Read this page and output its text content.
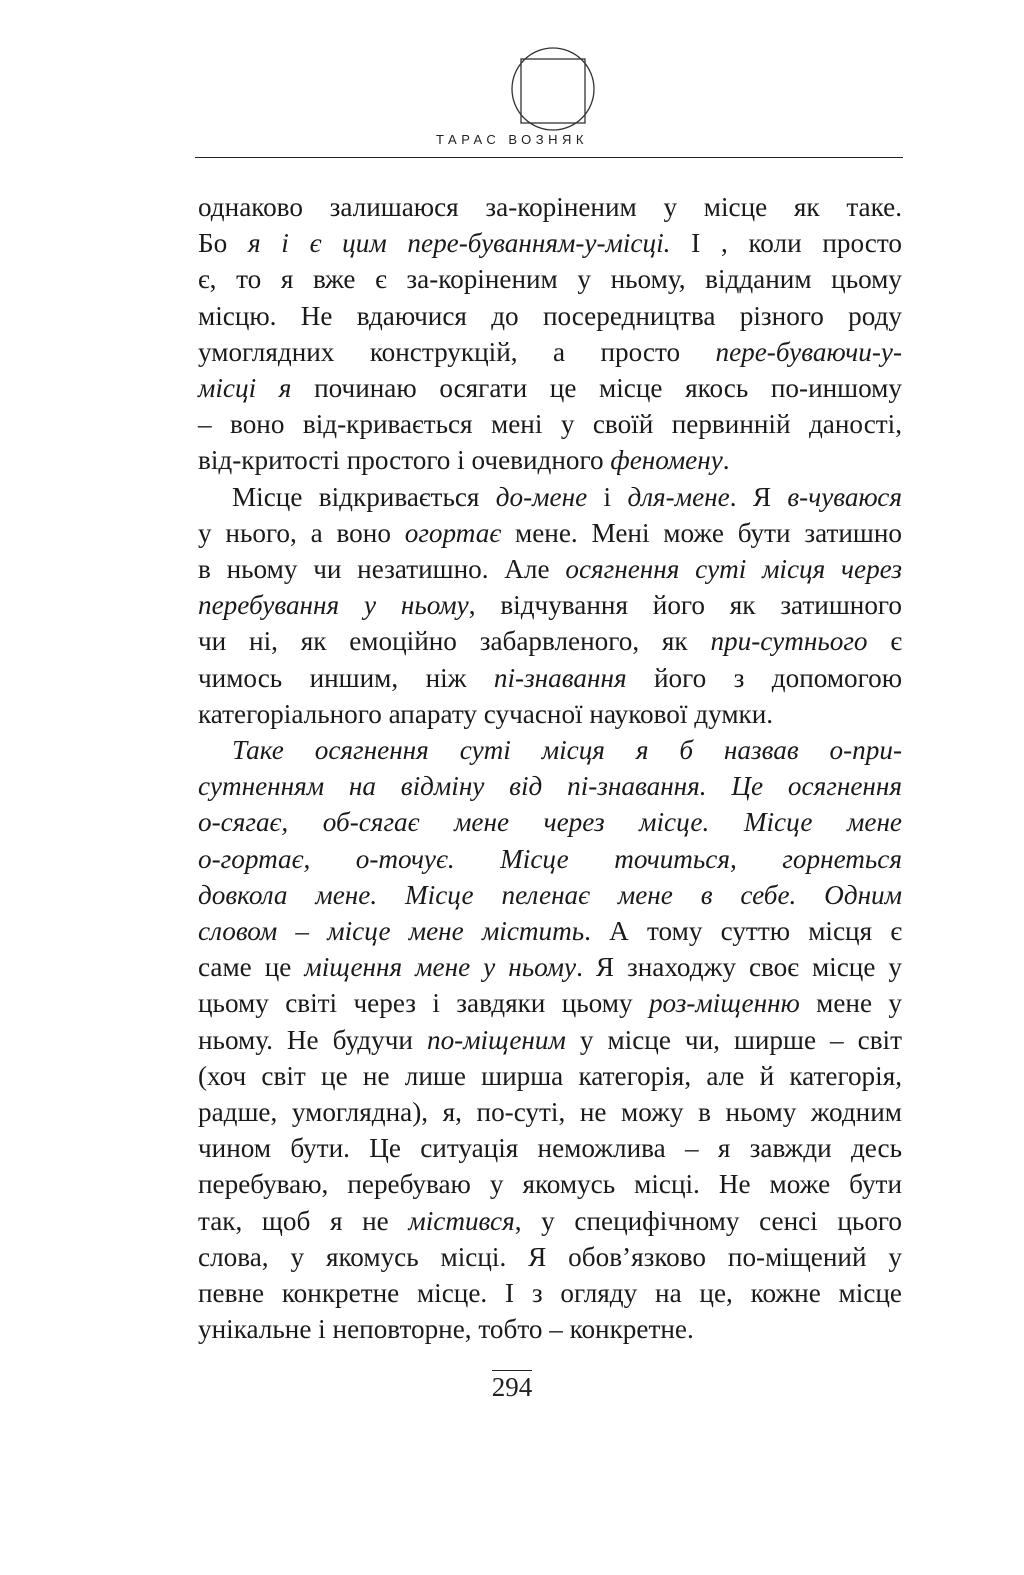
ТАРАС ВОЗНЯК
однаково залишаюся за-коріненим у місце як таке.
Бо я і є цим пере-буванням-у-місці. І , коли просто
є, то я вже є за-коріненим у ньому, відданим цьому
місцю. Не вдаючися до посередництва різного роду
умоглядних конструкцій, а просто пере-буваючи-у-
місці я починаю осягати це місце якось по-иншому
– воно від-кривається мені у своїй первинній даності,
від-критості простого і очевидного феномену.
Місце відкривається до-мене і для-мене. Я в-чуваюся
у нього, а воно огортає мене. Мені може бути затишно
в ньому чи незатишно. Але осягнення суті місця через
перебування у ньому, відчування його як затишного
чи ні, як емоційно забарвленого, як при-сутнього є
чимось иншим, ніж пі-знавання його з допомогою
категоріального апарату сучасної наукової думки.
Таке осягнення суті місця я б назвав о-при-
сутненням на відміну від пі-знавання. Це осягнення
о-сягає, об-сягає мене через місце. Місце мене
о-гортає, о-точує. Місце точиться, горнеться
довкола мене. Місце пеленає мене в себе. Одним
словом – місце мене містить. А тому суттю місця є
саме це міщення мене у ньому. Я знаходжу своє місце у
цьому світі через і завдяки цьому роз-міщенню мене у
ньому. Не будучи по-міщеним у місце чи, ширше – світ
(хоч світ це не лише ширша категорія, але й категорія,
радше, умоглядна), я, по-суті, не можу в ньому жодним
чином бути. Це ситуація неможлива – я завжди десь
перебуваю, перебуваю у якомусь місці. Не може бути
так, щоб я не містився, у специфічному сенсі цього
слова, у якомусь місці. Я обов’язково по-міщений у
певне конкретне місце. І з огляду на це, кожне місце
унікальне і неповторне, тобто – конкретне.
294
